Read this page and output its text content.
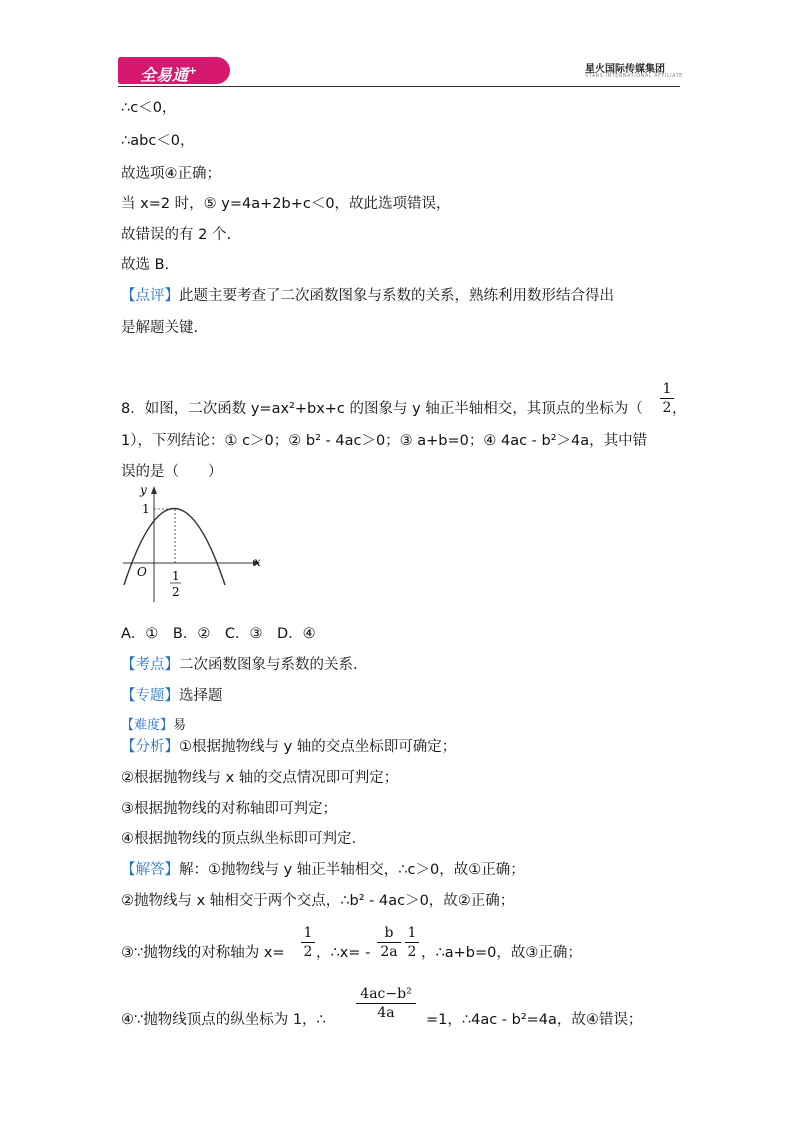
全易通+	星火国际传媒集团
STARS INTERNATIONAL AFFILIATE
∴c＜0，
∴abc＜0，
故选项④正确；
当 x=2 时，⑤ y=4a+2b+c＜0，故此选项错误，
故错误的有 2 个.
故选 B.
【点评】此题主要考查了二次函数图象与系数的关系，熟练利用数形结合得出
是解题关键.
8．如图，二次函数 y=ax²+bx+c 的图象与 y 轴正半轴相交，其顶点的坐标为（
1
2 ，
1），下列结论：① c＞0；② b² - 4ac＞0；③ a+b=0；④ 4ac - b²＞4a，其中错
误的是（　　）
y
x
O
1
1
2
A．①　B．②　C．③　D．④
【考点】二次函数图象与系数的关系.
【专题】选择题
【难度】易
【分析】①根据抛物线与 y 轴的交点坐标即可确定；
②根据抛物线与 x 轴的交点情况即可判定；
③根据抛物线的对称轴即可判定；
④根据抛物线的顶点纵坐标即可判定.
【解答】解：①抛物线与 y 轴正半轴相交，∴c＞0，故①正确；
②抛物线与 x 轴相交于两个交点，∴b² - 4ac＞0，故②正确；
③∵抛物线的对称轴为 x=
1
2 ，∴x= -
b
2a
1
2 ，∴a+b=0，故③正确；
④∵抛物线顶点的纵坐标为 1，∴
4ac−b²
4a	=1，∴4ac - b²=4a，故④错误；
